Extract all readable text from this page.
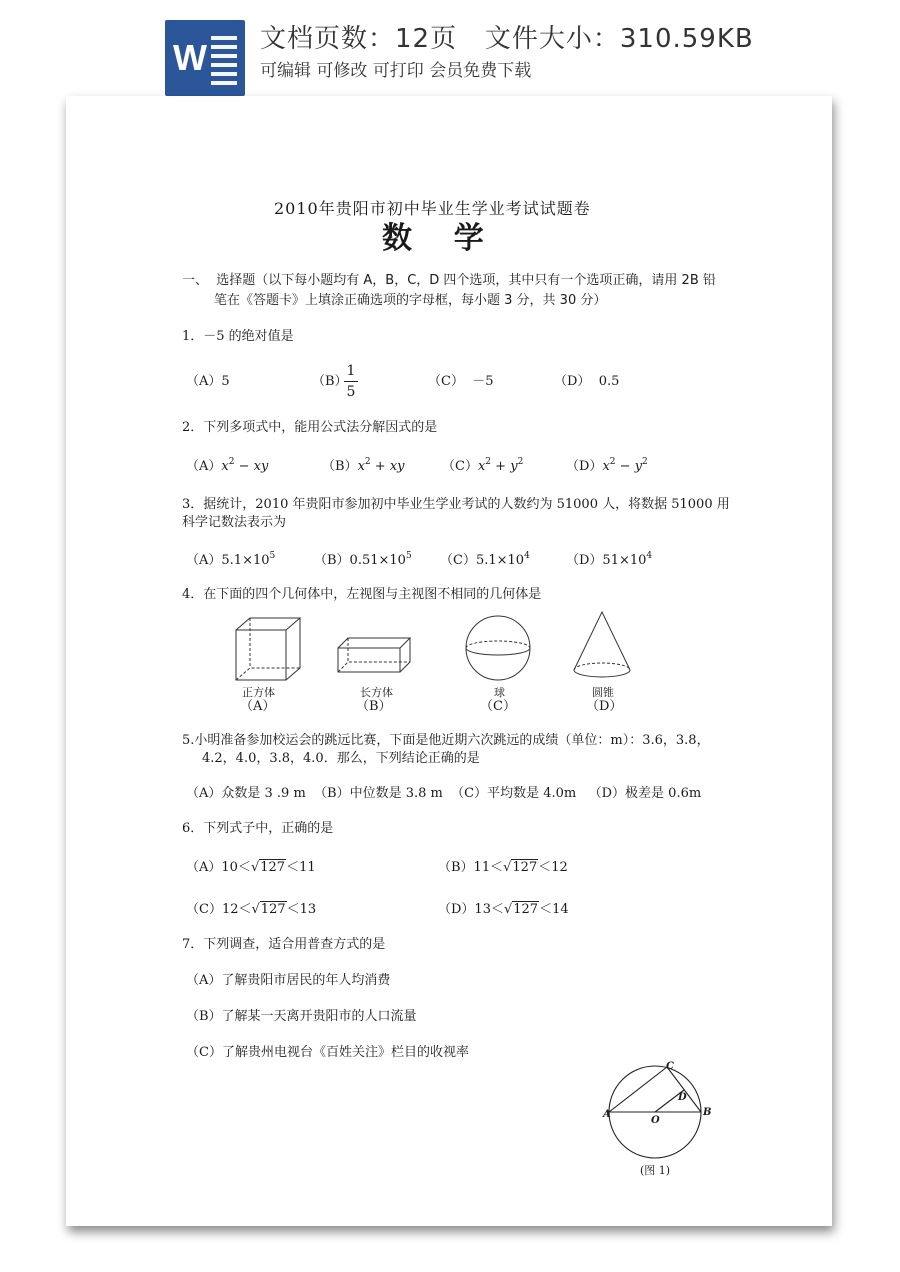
W 文档页数：12页   文件大小：310.59KB
可编辑 可修改 可打印 会员免费下载
2010年贵阳市初中毕业生学业考试试题卷
数    学
一、  选择题（以下每小题均有 A，B，C，D 四个选项，其中只有一个选项正确，请用 2B 铅
笔在《答题卡》上填涂正确选项的字母框，每小题 3 分，共 30 分）
1．－5 的绝对值是
（A）5	（B）
1
5
（C）  －5	（D）  0.5
2．下列多项式中，能用公式法分解因式的是
$(A)x^2$ − xy	$(B)x^2$ + xy	$(C)x^2 + y^2$	$(D)x^2 - y^2$
3．据统计，2010 年贵阳市参加初中毕业生学业考试的人数约为 51000 人，将数据 51000 用
科学记数法表示为
$(A)5.1\times 10^5$	$(B)0.51\times 10^5$ $(C)5.1\times 10^4$	$(D)51\times 10^4$
4．在下面的四个几何体中，左视图与主视图不相同的几何体是
正方体
（A）
长方体
（B）
球
（C）
圆锥
（D）
5.小明准备参加校运会的跳远比赛，下面是他近期六次跳远的成绩（单位：m）：3.6，3.8，
4.2，4.0，3.8，4.0．那么，下列结论正确的是
（A）众数是 3 .9 m  （B）中位数是 3.8 m  （C）平均数是 4.0m   （D）极差是 0.6m
6．下列式子中，正确的是
（A）10＜√127＜11	（B）11＜√127＜12
（C）12＜√127＜13	（D）13＜√127＜14
7．下列调查，适合用普查方式的是
（A）了解贵阳市居民的年人均消费
（B）了解某一天离开贵阳市的人口流量
（C）了解贵州电视台《百姓关注》栏目的收视率
C
A	B
D
O
(图 1)
